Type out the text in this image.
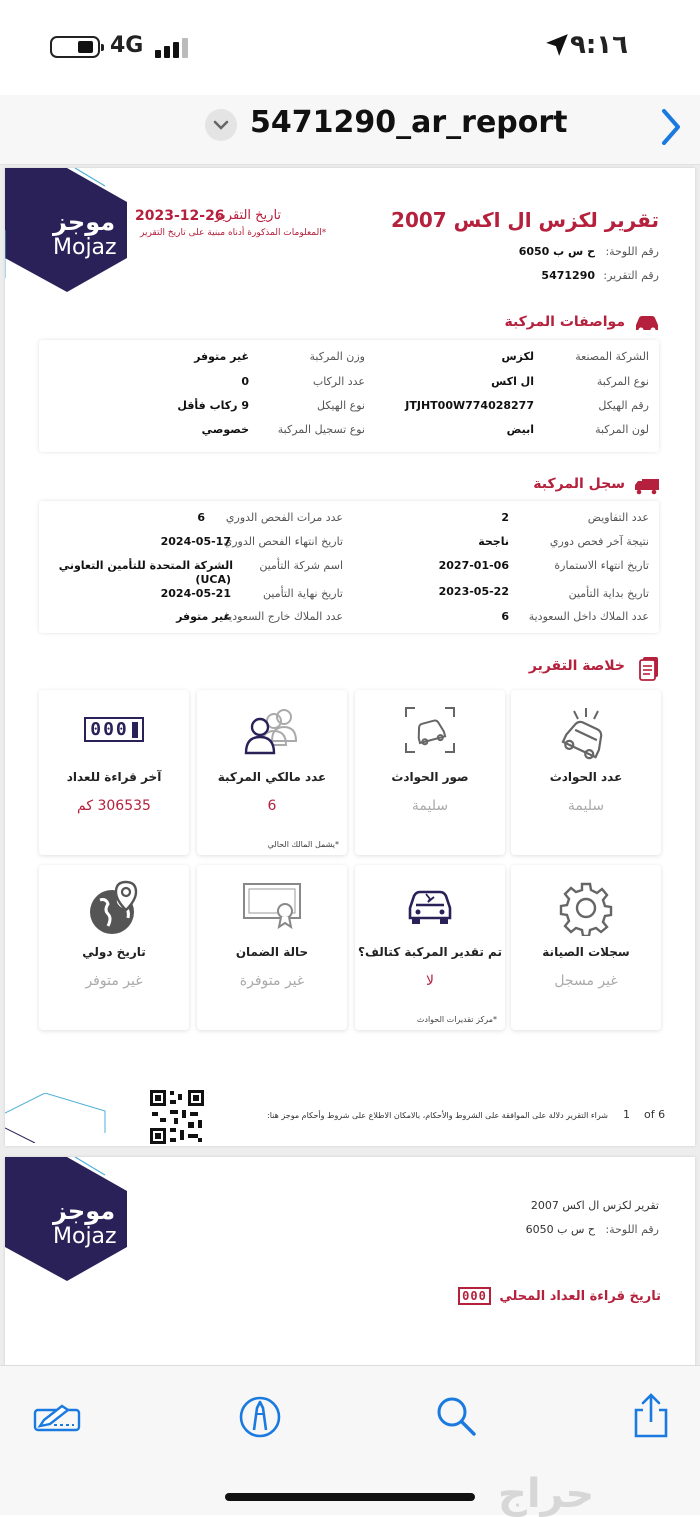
4G	٩:١٦
5471290_ar_report
موجز
Mojaz
تاريخ التقرير
2023-12-26
*المعلومات المذكورة أدناه مبنية على تاريخ التقرير
تقرير لكزس ال اكس 2007
رقم اللوحة:
ح س ب 6050
رقم التقرير:
5471290
مواصفات المركبة
الشركة المصنعة
لكزس
نوع المركبة
ال اكس
رقم الهيكل
JTJHT00W774028277
لون المركبة
ابيض
وزن المركبة
غير متوفر
عدد الركاب
0
نوع الهيكل
9 ركاب فأقل
نوع تسجيل المركبة
خصوصي
سجل المركبة
عدد التفاويض
2
نتيجة آخر فحص دوري
ناجحة
تاريخ انتهاء الاستمارة
2027-01-06
تاريخ بداية التأمين
2023-05-22
عدد الملاك داخل السعودية
6
عدد مرات الفحص الدوري
6
تاريخ انتهاء الفحص الدوري
2024-05-17
اسم شركة التأمين
الشركة المتحدة للتأمين التعاوني
(UCA)
تاريخ نهاية التأمين
2024-05-21
عدد الملاك خارج السعودية
غير متوفر
خلاصة التقرير
عدد الحوادث
سليمة
صور الحوادث
سليمة
عدد مالكي المركبة
6
*يشمل المالك الحالي
000
آخر قراءة للعداد
306535 كم
سجلات الصيانة
غير مسجل
تم تقدير المركبة كتالف؟
لا
*مركز تقديرات الحوادث
حالة الضمان
غير متوفرة
تاريخ دولي
غير متوفر
شراء التقرير دلالة على الموافقة على الشروط والأحكام، بالامكان الاطلاع على شروط وأحكام موجز هنا: 1 of 6
موجز
Mojaz
تقرير لكزس ال اكس 2007
رقم اللوحة:
ح س ب 6050
تاريخ قراءة العداد المحلي 000
حراج
